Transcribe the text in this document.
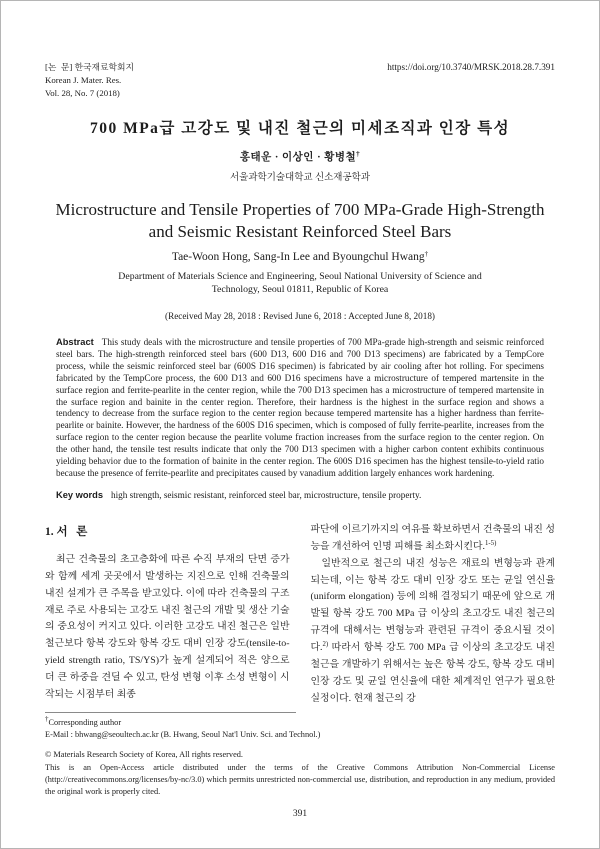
[논  문] 한국재료학회지
Korean J. Mater. Res.
Vol. 28, No. 7 (2018)
https://doi.org/10.3740/MRSK.2018.28.7.391
700 MPa급 고강도 및 내진 철근의 미세조직과 인장 특성
홍태운 · 이상인 · 황병철†
서울과학기술대학교 신소재공학과
Microstructure and Tensile Properties of 700 MPa-Grade High-Strength
and Seismic Resistant Reinforced Steel Bars
Tae-Woon Hong, Sang-In Lee and Byoungchul Hwang†
Department of Materials Science and Engineering, Seoul National University of Science and
Technology, Seoul 01811, Republic of Korea
(Received May 28, 2018 : Revised June 6, 2018 : Accepted June 8, 2018)

Abstract This study deals with the microstructure and tensile properties of 700 MPa-grade high-strength and seismic reinforced steel bars. The high-strength reinforced steel bars (600 D13, 600 D16 and 700 D13 specimens) are fabricated by a TempCore process, while the seismic reinforced steel bar (600S D16 specimen) is fabricated by air cooling after hot rolling. For specimens fabricated by the TempCore process, the 600 D13 and 600 D16 specimens have a microstructure of tempered martensite in the surface region and ferrite-pearlite in the center region, while the 700 D13 specimen has a microstructure of tempered martensite in the surface region and bainite in the center region. Therefore, their hardness is the highest in the surface region and shows a tendency to decrease from the surface region to the center region because tempered martensite has a higher hardness than ferrite-pearlite or bainite. However, the hardness of the 600S D16 specimen, which is composed of fully ferrite-pearlite, increases from the surface region to the center region because the pearlite volume fraction increases from the surface region to the center region. On the other hand, the tensile test results indicate that only the 700 D13 specimen with a higher carbon content exhibits continuous yielding behavior due to the formation of bainite in the center region. The 600S D16 specimen has the highest tensile-to-yield ratio because the presence of ferrite-pearlite and precipitates caused by vanadium addition largely enhances work hardening.

Key words high strength, seismic resistant, reinforced steel bar, microstructure, tensile property.

1. 서   론

최근 건축물의 초고층화에 따른 수직 부재의 단면 증가와 함께 세계 곳곳에서 발생하는 지진으로 인해 건축물의 내진 설계가 큰 주목을 받고있다. 이에 따라 건축물의 구조재로 주로 사용되는 고강도 내진 철근의 개발 및 생산 기술의 중요성이 커지고 있다. 이러한 고강도 내진 철근은 일반 철근보다 항복 강도와 항복 강도 대비 인장 강도(tensile-to-yield strength ratio, TS/YS)가 높게 설계되어 적은 양으로 더 큰 하중을 견딜 수 있고, 탄성 변형 이후 소성 변형이 시작되는 시점부터 최종

파단에 이르기까지의 여유를 확보하면서 건축물의 내진 성능을 개선하여 인명 피해를 최소화시킨다.$^{1-5)}$

일반적으로 철근의 내진 성능은 재료의 변형능과 관계되는데, 이는 항복 강도 대비 인장 강도 또는 균일 연신율(uniform elongation) 등에 의해 결정되기 때문에 앞으로 개발될 항복 강도 700 MPa 급 이상의 초고강도 내진 철근의 규격에 대해서는 변형능과 관련된 규격이 중요시될 것이다.$^{2)}$ 따라서 항복 강도 700 MPa 급 이상의 초고강도 내진 철근을 개발하기 위해서는 높은 항복 강도, 항복 강도 대비 인장 강도 및 균일 연신율에 대한 체계적인 연구가 필요한 실정이다. 현재 철근의 강

†Corresponding author
E-Mail : bhwang@seoultech.ac.kr (B. Hwang, Seoul Nat'l Univ. Sci. and Technol.)
© Materials Research Society of Korea, All rights reserved.
This is an Open-Access article distributed under the terms of the Creative Commons Attribution Non-Commercial License (http://creativecommons.org/licenses/by-nc/3.0) which permits unrestricted non-commercial use, distribution, and reproduction in any medium, provided the original work is properly cited.
391
